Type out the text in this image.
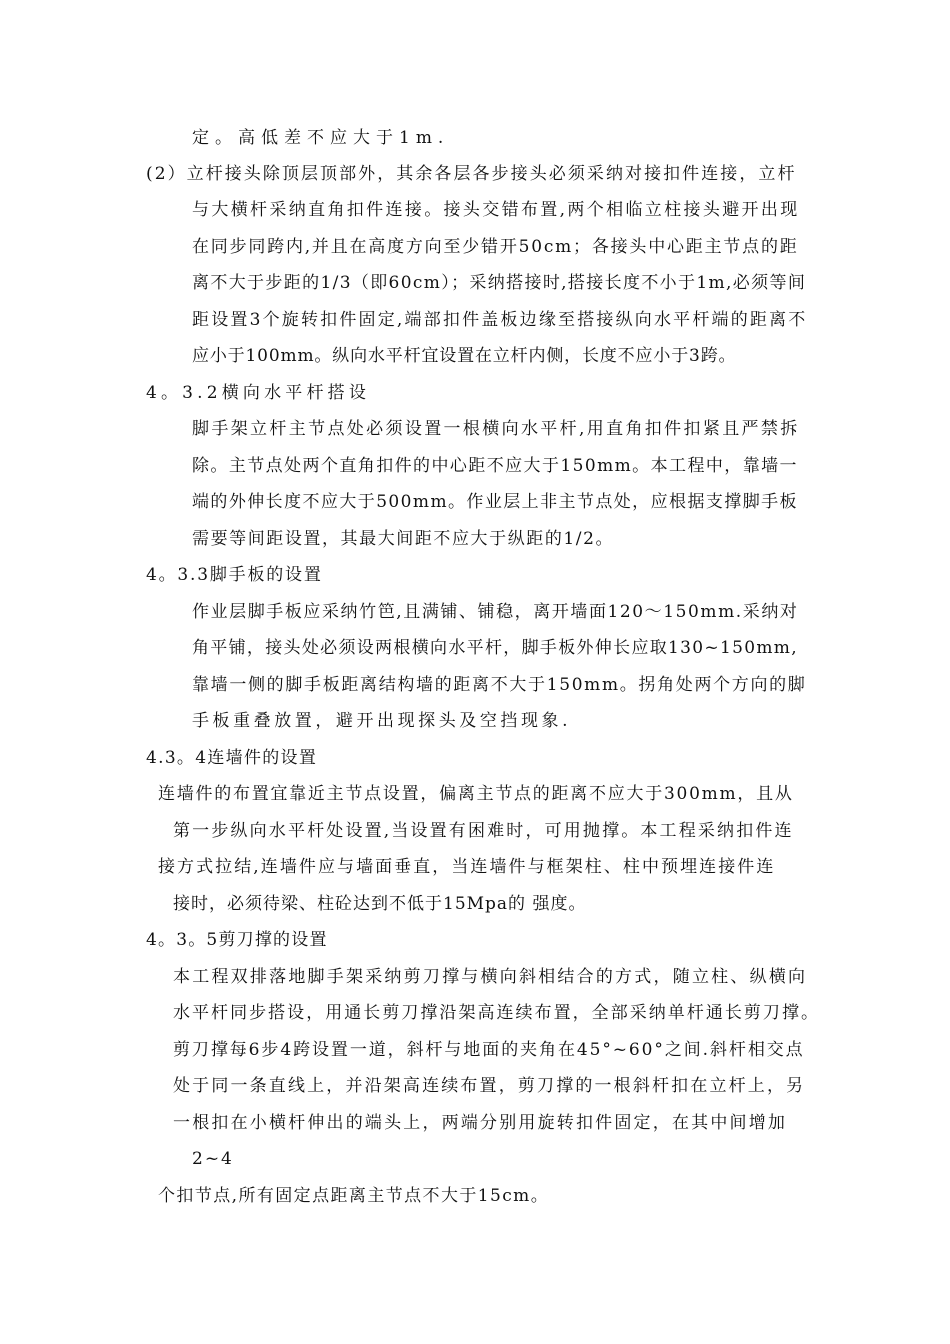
定。高低差不应大于1m.
(2）立杆接头除顶层顶部外，其余各层各步接头必须采纳对接扣件连接，立杆
与大横杆采纳直角扣件连接。接头交错布置,两个相临立柱接头避开出现
在同步同跨内,并且在高度方向至少错开50cm；各接头中心距主节点的距
离不大于步距的1/3（即60cm）；采纳搭接时,搭接长度不小于1m,必须等间
距设置3个旋转扣件固定,端部扣件盖板边缘至搭接纵向水平杆端的距离不
应小于100mm。纵向水平杆宜设置在立杆内侧，长度不应小于3跨。
4。3.2横向水平杆搭设
脚手架立杆主节点处必须设置一根横向水平杆,用直角扣件扣紧且严禁拆
除。主节点处两个直角扣件的中心距不应大于150mm。本工程中，靠墙一
端的外伸长度不应大于500mm。作业层上非主节点处，应根据支撑脚手板
需要等间距设置，其最大间距不应大于纵距的1/2。
4。3.3脚手板的设置
作业层脚手板应采纳竹笆,且满铺、铺稳，离开墙面120～150mm.采纳对
角平铺，接头处必须设两根横向水平杆，脚手板外伸长应取130~150mm,
靠墙一侧的脚手板距离结构墙的距离不大于150mm。拐角处两个方向的脚
手板重叠放置，避开出现探头及空挡现象.
4.3。4连墙件的设置
连墙件的布置宜靠近主节点设置，偏离主节点的距离不应大于300mm，且从
第一步纵向水平杆处设置,当设置有困难时，可用抛撑。本工程采纳扣件连
接方式拉结,连墙件应与墙面垂直，当连墙件与框架柱、柱中预埋连接件连
接时，必须待梁、柱砼达到不低于15Mpa的 强度。
4。3。5剪刀撑的设置
本工程双排落地脚手架采纳剪刀撑与横向斜相结合的方式，随立柱、纵横向
水平杆同步搭设，用通长剪刀撑沿架高连续布置，全部采纳单杆通长剪刀撑。
剪刀撑每6步4跨设置一道，斜杆与地面的夹角在45°~60°之间.斜杆相交点
处于同一条直线上，并沿架高连续布置，剪刀撑的一根斜杆扣在立杆上，另
一根扣在小横杆伸出的端头上，两端分别用旋转扣件固定，在其中间增加
2~4
个扣节点,所有固定点距离主节点不大于15cm。
